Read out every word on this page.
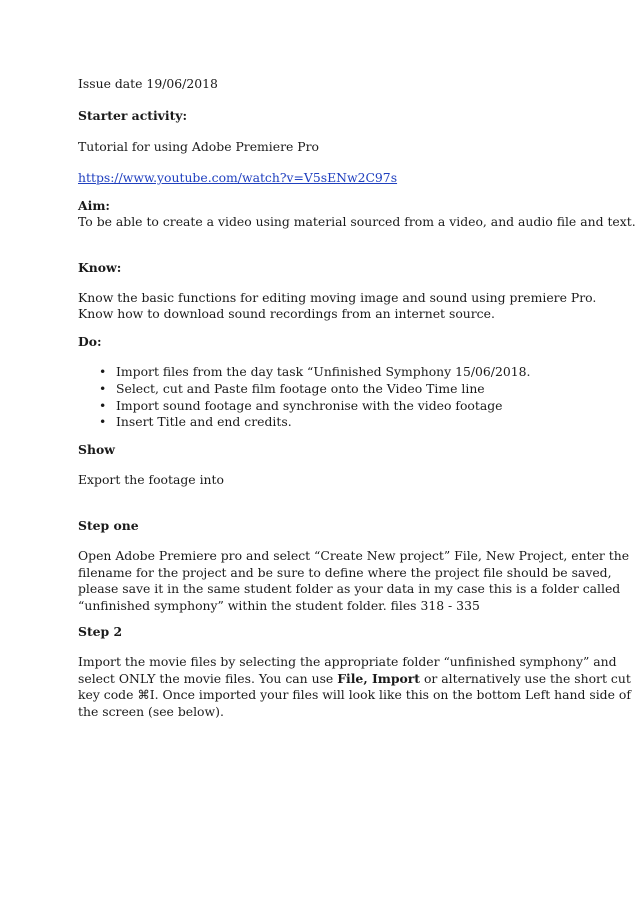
Issue date 19/06/2018
Starter activity:
Tutorial for using Adobe Premiere Pro
https://www.youtube.com/watch?v=V5sENw2C97s
Aim:
To be able to create a video using material sourced from a video, and audio file and text.
Know:
Know the basic functions for editing moving image and sound using premiere Pro.
Know how to download sound recordings from an internet source.
Do:
• Import files from the day task “Unfinished Symphony 15/06/2018.
• Select, cut and Paste film footage onto the Video Time line
• Import sound footage and synchronise with the video footage
• Insert Title and end credits.
Show
Export the footage into
Step one
Open Adobe Premiere pro and select “Create New project” File, New Project, enter the
filename for the project and be sure to define where the project file should be saved,
please save it in the same student folder as your data in my case this is a folder called
“unfinished symphony” within the student folder. files 318 - 335
Step 2
Import the movie files by selecting the appropriate folder “unfinished symphony” and
select ONLY the movie files. You can use File, Import or alternatively use the short cut
key code ⌘I. Once imported your files will look like this on the bottom Left hand side of
the screen (see below).
